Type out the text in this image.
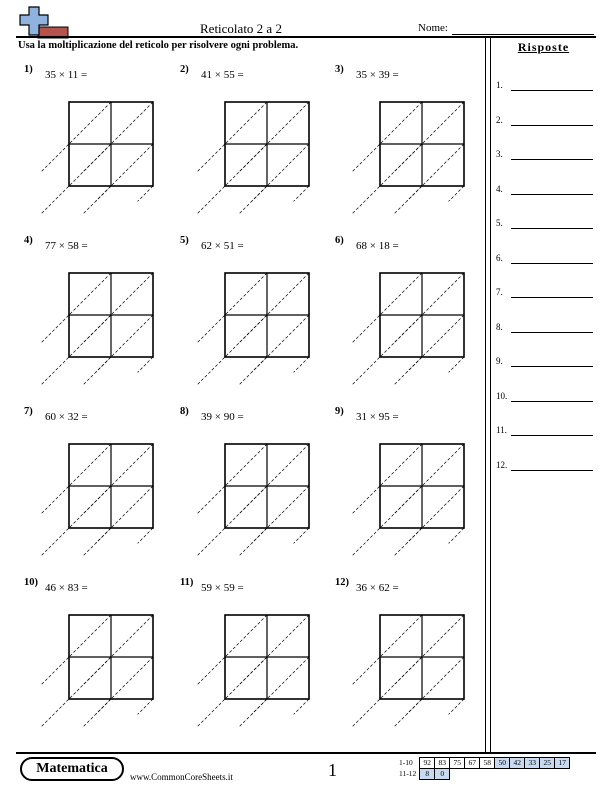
Reticolato 2 a 2	Nome:
Usa la moltiplicazione del reticolo per risolvere ogni problema.	Risposte
1.
2.
3.
4.
5.
6.
7.
8.
9.
10.
11.
12.
1) 35 × 11 =	2) 41 × 55 =	3) 35 × 39 =
4) 77 × 58 =	5) 62 × 51 =	6) 68 × 18 =
7) 60 × 32 =	8) 39 × 90 =	9) 31 × 95 =
10) 46 × 83 =	11) 59 × 59 =	12) 36 × 62 =
Matematica
www.CommonCoreSheets.it	1	1-10	92	83	75	67	58	50	42	33	25	17
11-12	8	0								
